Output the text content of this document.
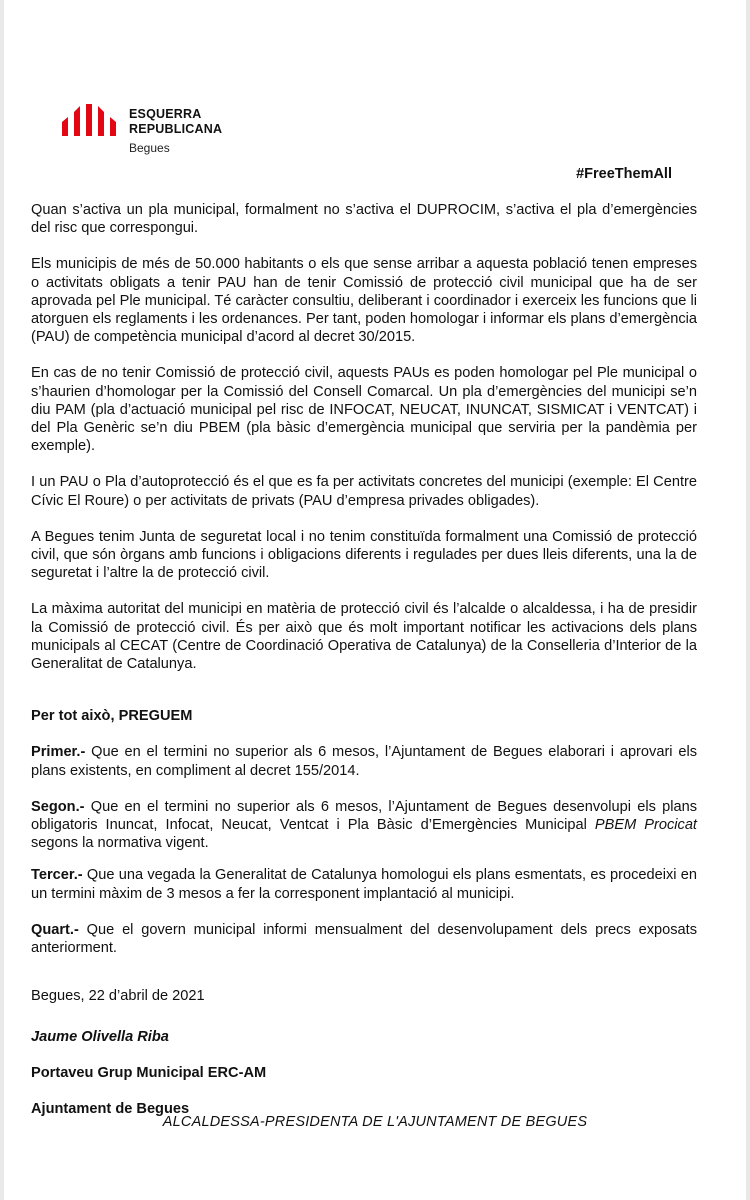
ESQUERRA
REPUBLICANA
Begues
#FreeThemAll

Quan s’activa un pla municipal, formalment no s’activa el DUPROCIM, s’activa el pla d’emergències del risc que correspongui.

Els municipis de més de 50.000 habitants o els que sense arribar a aquesta població tenen empreses o activitats obligats a tenir PAU han de tenir Comissió de protecció civil municipal que ha de ser aprovada pel Ple municipal. Té caràcter consultiu, deliberant i coordinador i exerceix les funcions que li atorguen els reglaments i les ordenances. Per tant, poden homologar i informar els plans d’emergència (PAU) de competència municipal d’acord al decret 30/2015.

En cas de no tenir Comissió de protecció civil, aquests PAUs es poden homologar pel Ple municipal o s’haurien d’homologar per la Comissió del Consell Comarcal. Un pla d’emergències del municipi se’n diu PAM (pla d’actuació municipal pel risc de INFOCAT, NEUCAT, INUNCAT, SISMICAT i VENTCAT) i del Pla Genèric se’n diu PBEM (pla bàsic d’emergència municipal que serviria per la pandèmia per exemple).

I un PAU o Pla d’autoprotecció és el que es fa per activitats concretes del municipi (exemple: El Centre Cívic El Roure) o per activitats de privats (PAU d’empresa privades obligades).

A Begues tenim Junta de seguretat local i no tenim constituïda formalment una Comissió de protecció civil, que són òrgans amb funcions i obligacions diferents i regulades per dues lleis diferents, una la de seguretat i l’altre la de protecció civil.

La màxima autoritat del municipi en matèria de protecció civil és l’alcalde o alcaldessa, i ha de presidir la Comissió de protecció civil. És per això que és molt important notificar les activacions dels plans municipals al CECAT (Centre de Coordinació Operativa de Catalunya) de la Conselleria d’Interior de la Generalitat de Catalunya.

Per tot això, PREGUEM

Primer.- Que en el termini no superior als 6 mesos, l’Ajuntament de Begues elaborari i aprovari els plans existents, en compliment al decret 155/2014.

Segon.- Que en el termini no superior als 6 mesos, l’Ajuntament de Begues desenvolupi els plans obligatoris Inuncat, Infocat, Neucat, Ventcat i Pla Bàsic d’Emergències Municipal PBEM Procicat segons la normativa vigent.

Tercer.- Que una vegada la Generalitat de Catalunya homologui els plans esmentats, es procedeixi en un termini màxim de 3 mesos a fer la corresponent implantació al municipi.

Quart.- Que el govern municipal informi mensualment del desenvolupament dels precs exposats anteriorment.

Begues, 22 d’abril de 2021

Jaume Olivella Riba

Portaveu Grup Municipal ERC-AM

Ajuntament de Begues

ALCALDESSA-PRESIDENTA DE L'AJUNTAMENT DE BEGUES
